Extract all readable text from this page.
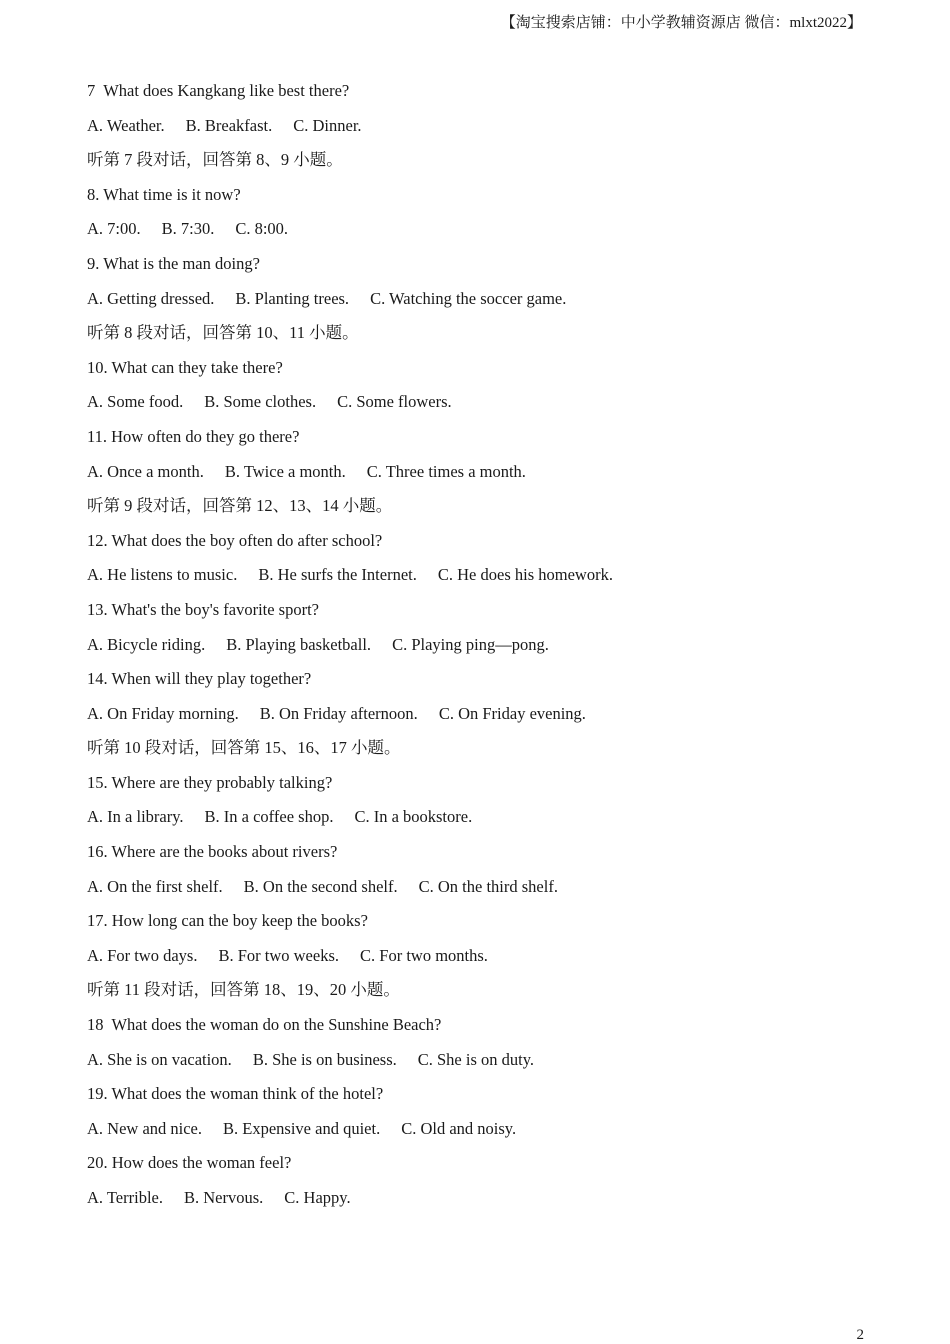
【淘宝搜索店铺：中小学教辅资源店 微信：mlxt2022】
7  What does Kangkang like best there?
A. Weather. B. Breakfast. C. Dinner.
听第 7 段对话，回答第 8、9 小题。
8. What time is it now?
A. 7:00. B. 7:30. C. 8:00.
9. What is the man doing?
A. Getting dressed. B. Planting trees. C. Watching the soccer game.
听第 8 段对话，回答第 10、11 小题。
10. What can they take there?
A. Some food. B. Some clothes. C. Some flowers.
11. How often do they go there?
A. Once a month. B. Twice a month. C. Three times a month.
听第 9 段对话，回答第 12、13、14 小题。
12. What does the boy often do after school?
A. He listens to music. B. He surfs the Internet. C. He does his homework.
13. What's the boy's favorite sport?
A. Bicycle riding. B. Playing basketball. C. Playing ping—pong.
14. When will they play together?
A. On Friday morning. B. On Friday afternoon. C. On Friday evening.
听第 10 段对话，回答第 15、16、17 小题。
15. Where are they probably talking?
A. In a library. B. In a coffee shop. C. In a bookstore.
16. Where are the books about rivers?
A. On the first shelf. B. On the second shelf. C. On the third shelf.
17. How long can the boy keep the books?
A. For two days. B. For two weeks. C. For two months.
听第 11 段对话，回答第 18、19、20 小题。
18  What does the woman do on the Sunshine Beach?
A. She is on vacation. B. She is on business. C. She is on duty.
19. What does the woman think of the hotel?
A. New and nice. B. Expensive and quiet. C. Old and noisy.
20. How does the woman feel?
A. Terrible. B. Nervous. C. Happy.
2
